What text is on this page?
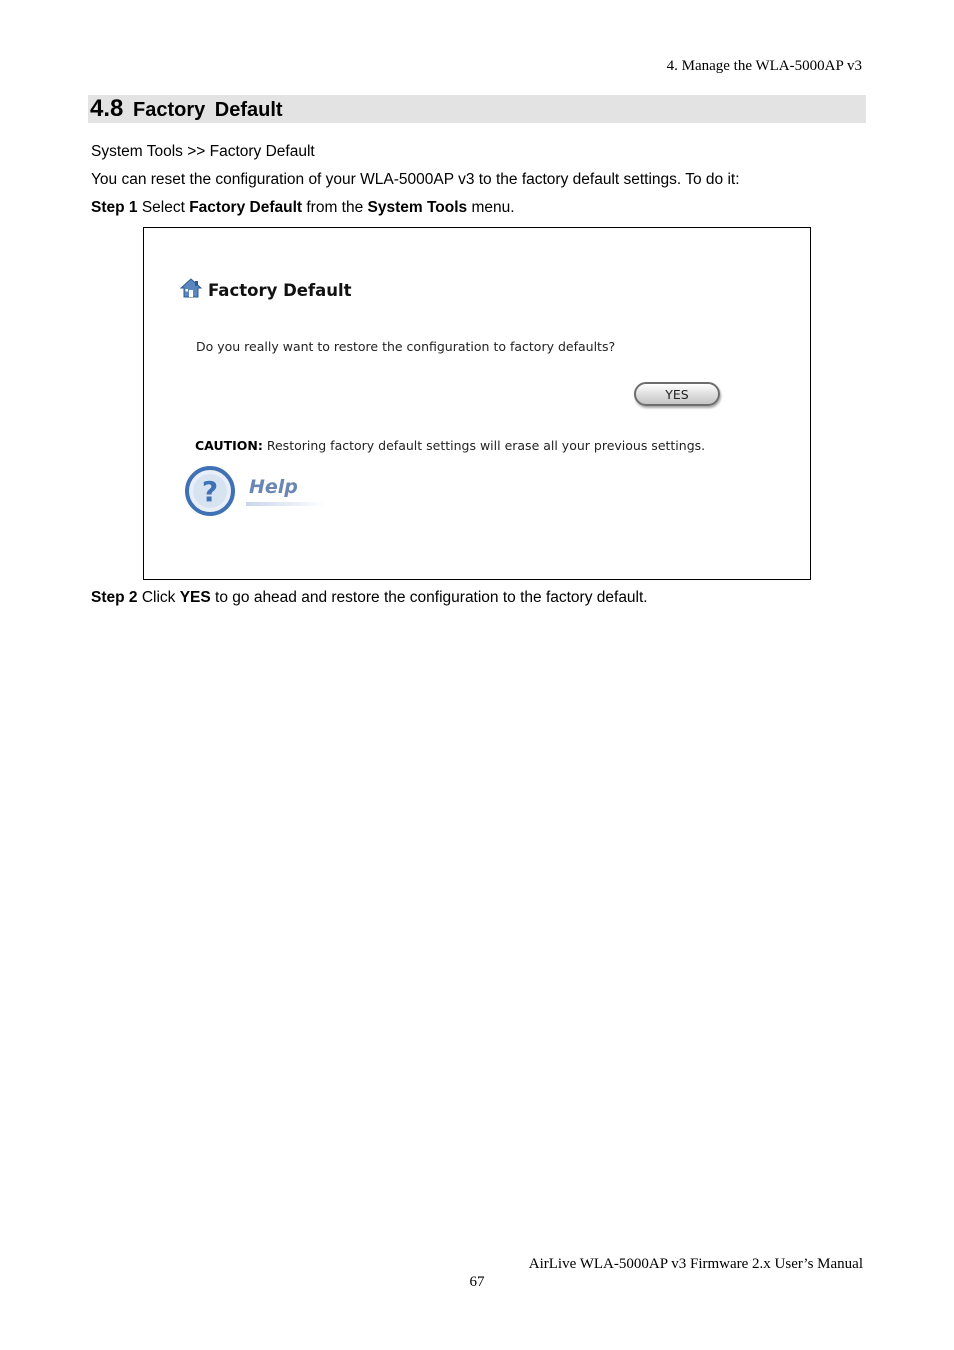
4. Manage the WLA-5000AP v3
4.8 Factory Default
System Tools >> Factory Default
You can reset the configuration of your WLA-5000AP v3 to the factory default settings. To do it:
Step 1 Select Factory Default from the System Tools menu.
Factory Default
Do you really want to restore the configuration to factory defaults?
YES
CAUTION: Restoring factory default settings will erase all your previous settings.
? Help
Step 2 Click YES to go ahead and restore the configuration to the factory default.
AirLive WLA-5000AP v3 Firmware 2.x User’s Manual
67
